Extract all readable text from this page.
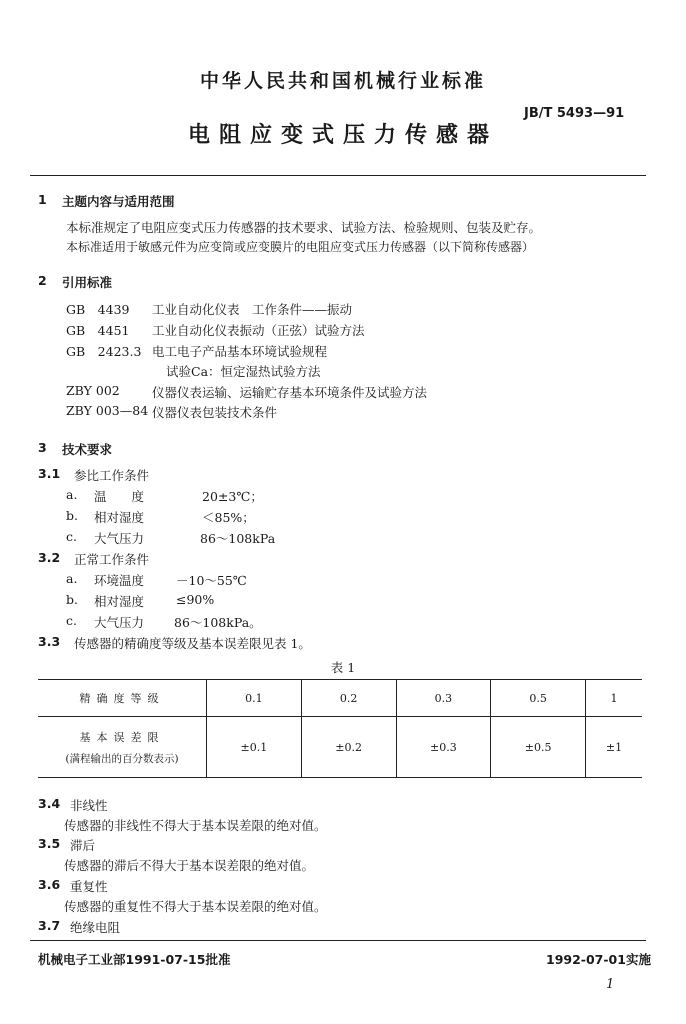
中华人民共和国机械行业标准
JB/T 5493—91
电阻应变式压力传感器
1 主题内容与适用范围
本标准规定了电阻应变式压力传感器的技术要求、试验方法、检验规则、包装及贮存。
本标准适用于敏感元件为应变筒或应变膜片的电阻应变式压力传感器（以下简称传感器）
2 引用标准
GB　4439 工业自动化仪表　工作条件——振动
GB　4451 工业自动化仪表振动（正弦）试验方法
GB　2423.3 电工电子产品基本环境试验规程
试验Ca：恒定湿热试验方法
ZBY 002	仪器仪表运输、运输贮存基本环境条件及试验方法
ZBY 003—84 仪器仪表包装技术条件
3 技术要求
3.1 参比工作条件
a. 温　　度	20±3℃；
b. 相对湿度	＜85%；
c. 大气压力	86～108kPa
3.2 正常工作条件
a. 环境温度	－10～55℃
b. 相对湿度	≤90%
c. 大气压力 86～108kPa。
3.3 传感器的精确度等级及基本误差限见表 1。
表 1
精确度等级	0.1	0.2	0.3	0.5	1
基本误差限
(满程输出的百分数表示)	±0.1	±0.2	±0.3	±0.5	±1
3.4 非线性
传感器的非线性不得大于基本误差限的绝对值。
3.5 滞后
传感器的滞后不得大于基本误差限的绝对值。
3.6 重复性
传感器的重复性不得大于基本误差限的绝对值。
3.7 绝缘电阻
机械电子工业部1991-07-15批准	1992-07-01实施
1
